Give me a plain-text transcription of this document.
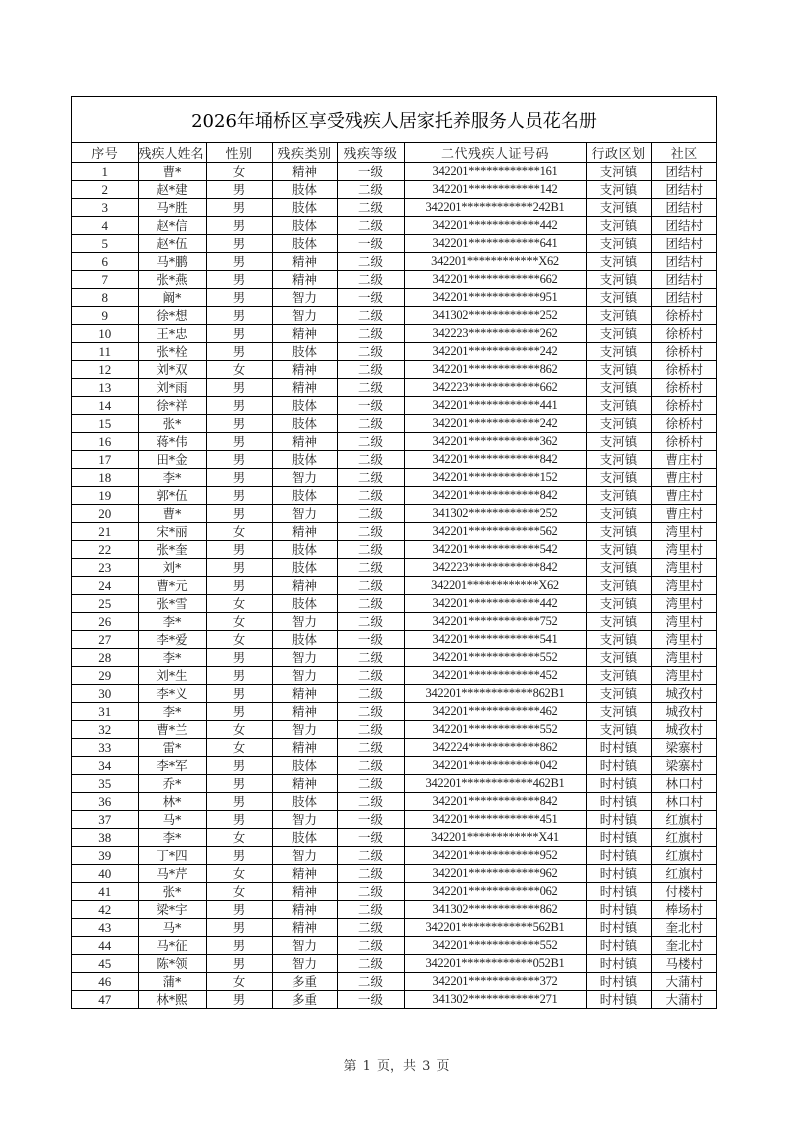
2026年埇桥区享受残疾人居家托养服务人员花名册
序号	残疾人姓名	性别	残疾类别	残疾等级	二代残疾人证号码	行政区划	社区
1	曹*	女	精神	一级	342201************161	支河镇	团结村
2	赵*建	男	肢体	二级	342201************142	支河镇	团结村
3	马*胜	男	肢体	二级	342201************242B1	支河镇	团结村
4	赵*信	男	肢体	二级	342201************442	支河镇	团结村
5	赵*伍	男	肢体	一级	342201************641	支河镇	团结村
6	马*鹏	男	精神	二级	342201************X62	支河镇	团结村
7	张*燕	男	精神	二级	342201************662	支河镇	团结村
8	阚*	男	智力	一级	342201************951	支河镇	团结村
9	徐*想	男	智力	二级	341302************252	支河镇	徐桥村
10	王*忠	男	精神	二级	342223************262	支河镇	徐桥村
11	张*栓	男	肢体	二级	342201************242	支河镇	徐桥村
12	刘*双	女	精神	二级	342201************862	支河镇	徐桥村
13	刘*雨	男	精神	二级	342223************662	支河镇	徐桥村
14	徐*祥	男	肢体	一级	342201************441	支河镇	徐桥村
15	张*	男	肢体	二级	342201************242	支河镇	徐桥村
16	蒋*伟	男	精神	二级	342201************362	支河镇	徐桥村
17	田*金	男	肢体	二级	342201************842	支河镇	曹庄村
18	李*	男	智力	二级	342201************152	支河镇	曹庄村
19	郭*伍	男	肢体	二级	342201************842	支河镇	曹庄村
20	曹*	男	智力	二级	341302************252	支河镇	曹庄村
21	宋*丽	女	精神	二级	342201************562	支河镇	湾里村
22	张*奎	男	肢体	二级	342201************542	支河镇	湾里村
23	刘*	男	肢体	二级	342223************842	支河镇	湾里村
24	曹*元	男	精神	二级	342201************X62	支河镇	湾里村
25	张*雪	女	肢体	二级	342201************442	支河镇	湾里村
26	李*	女	智力	二级	342201************752	支河镇	湾里村
27	李*爱	女	肢体	一级	342201************541	支河镇	湾里村
28	李*	男	智力	二级	342201************552	支河镇	湾里村
29	刘*生	男	智力	二级	342201************452	支河镇	湾里村
30	李*义	男	精神	二级	342201************862B1	支河镇	城孜村
31	李*	男	精神	二级	342201************462	支河镇	城孜村
32	曹*兰	女	智力	二级	342201************552	支河镇	城孜村
33	雷*	女	精神	二级	342224************862	时村镇	梁寨村
34	李*军	男	肢体	二级	342201************042	时村镇	梁寨村
35	乔*	男	精神	二级	342201************462B1	时村镇	林口村
36	林*	男	肢体	二级	342201************842	时村镇	林口村
37	马*	男	智力	一级	342201************451	时村镇	红旗村
38	李*	女	肢体	一级	342201************X41	时村镇	红旗村
39	丁*四	男	智力	二级	342201************952	时村镇	红旗村
40	马*芹	女	精神	二级	342201************962	时村镇	红旗村
41	张*	女	精神	二级	342201************062	时村镇	付楼村
42	梁*宇	男	精神	二级	341302************862	时村镇	棒场村
43	马*	男	精神	二级	342201************562B1	时村镇	奎北村
44	马*征	男	智力	二级	342201************552	时村镇	奎北村
45	陈*领	男	智力	二级	342201************052B1	时村镇	马楼村
46	蒲*	女	多重	二级	342201************372	时村镇	大蒲村
47	林*熙	男	多重	一级	341302************271	时村镇	大蒲村
第 1 页，共 3 页
